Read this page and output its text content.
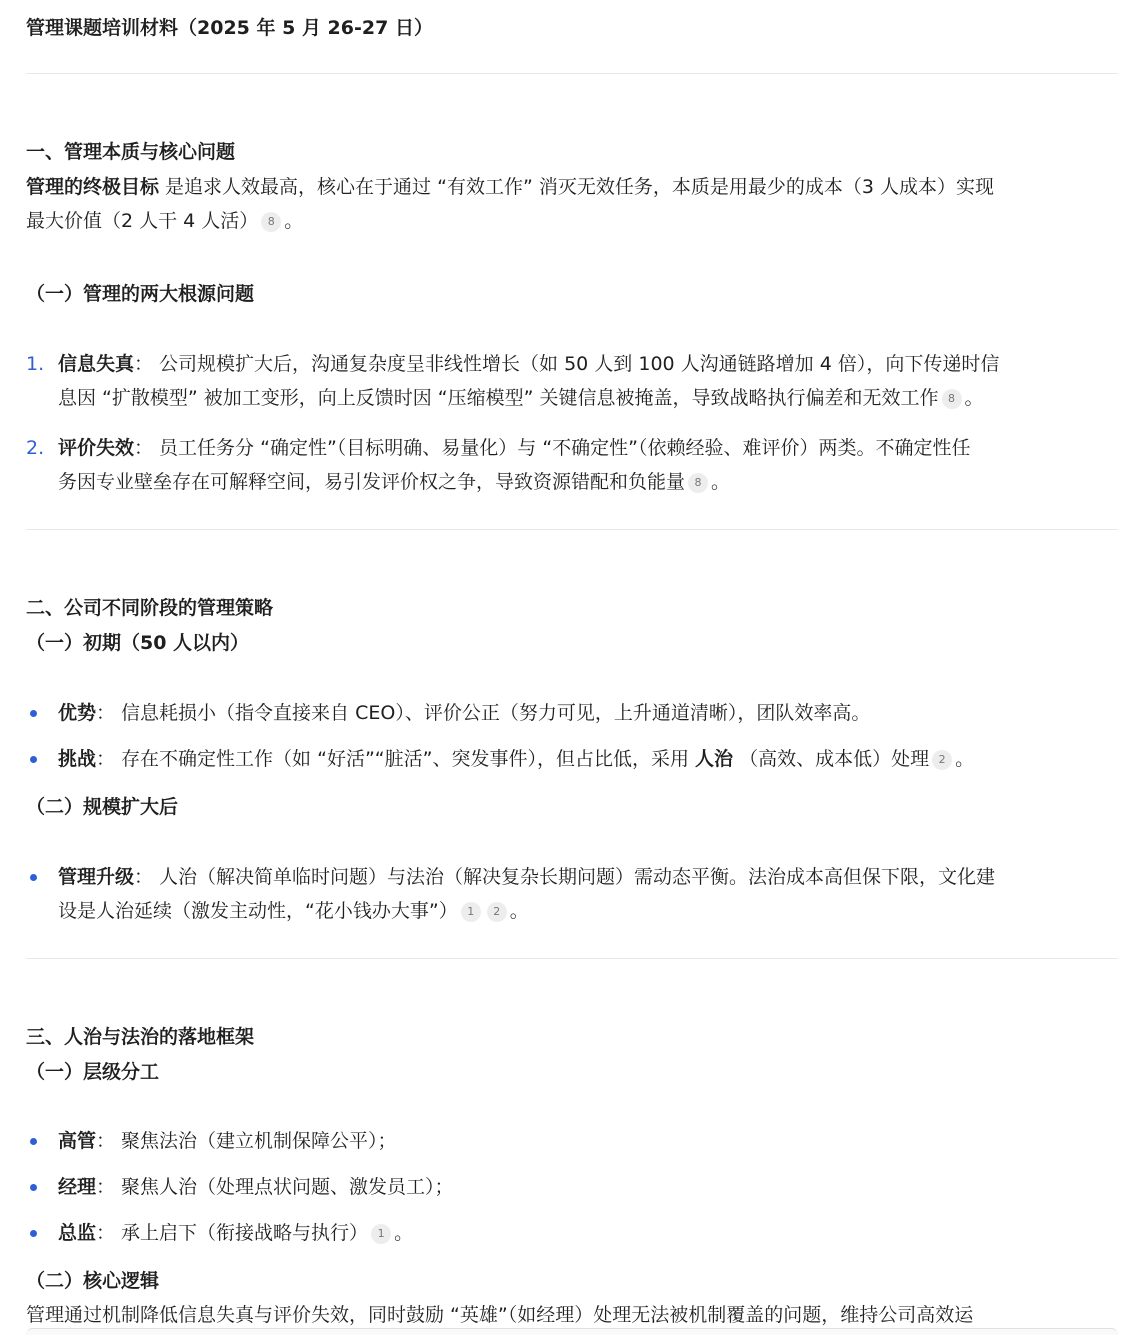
管理课题培训材料（2025 年 5 月 26-27 日）
一、管理本质与核心问题
管理的终极目标 是追求人效最高，核心在于通过 “有效工作” 消灭无效任务，本质是用最少的成本（3 人成本）实现
最大价值（2 人干 4 人活） 8 。
（一）管理的两大根源问题
1. 信息失真： 公司规模扩大后，沟通复杂度呈非线性增长（如 50 人到 100 人沟通链路增加 4 倍），向下传递时信
息因 “扩散模型” 被加工变形，向上反馈时因 “压缩模型” 关键信息被掩盖，导致战略执行偏差和无效工作 8 。
2. 评价失效： 员工任务分 “确定性”（目标明确、易量化）与 “不确定性”（依赖经验、难评价）两类。不确定性任
务因专业壁垒存在可解释空间，易引发评价权之争，导致资源错配和负能量 8 。
二、公司不同阶段的管理策略
（一）初期（50 人以内）
优势： 信息耗损小（指令直接来自 CEO）、评价公正（努力可见，上升通道清晰），团队效率高。
挑战： 存在不确定性工作（如 “好活”“脏活”、突发事件），但占比低，采用 人治 （高效、成本低）处理 2 。
（二）规模扩大后
管理升级： 人治（解决简单临时问题）与法治（解决复杂长期问题）需动态平衡。法治成本高但保下限，文化建
设是人治延续（激发主动性，“花小钱办大事”） 1 2 。
三、人治与法治的落地框架
（一）层级分工
高管： 聚焦法治（建立机制保障公平）；
经理： 聚焦人治（处理点状问题、激发员工）；
总监： 承上启下（衔接战略与执行） 1 。
（二）核心逻辑
管理通过机制降低信息失真与评价失效，同时鼓励 “英雄”（如经理）处理无法被机制覆盖的问题，维持公司高效运
